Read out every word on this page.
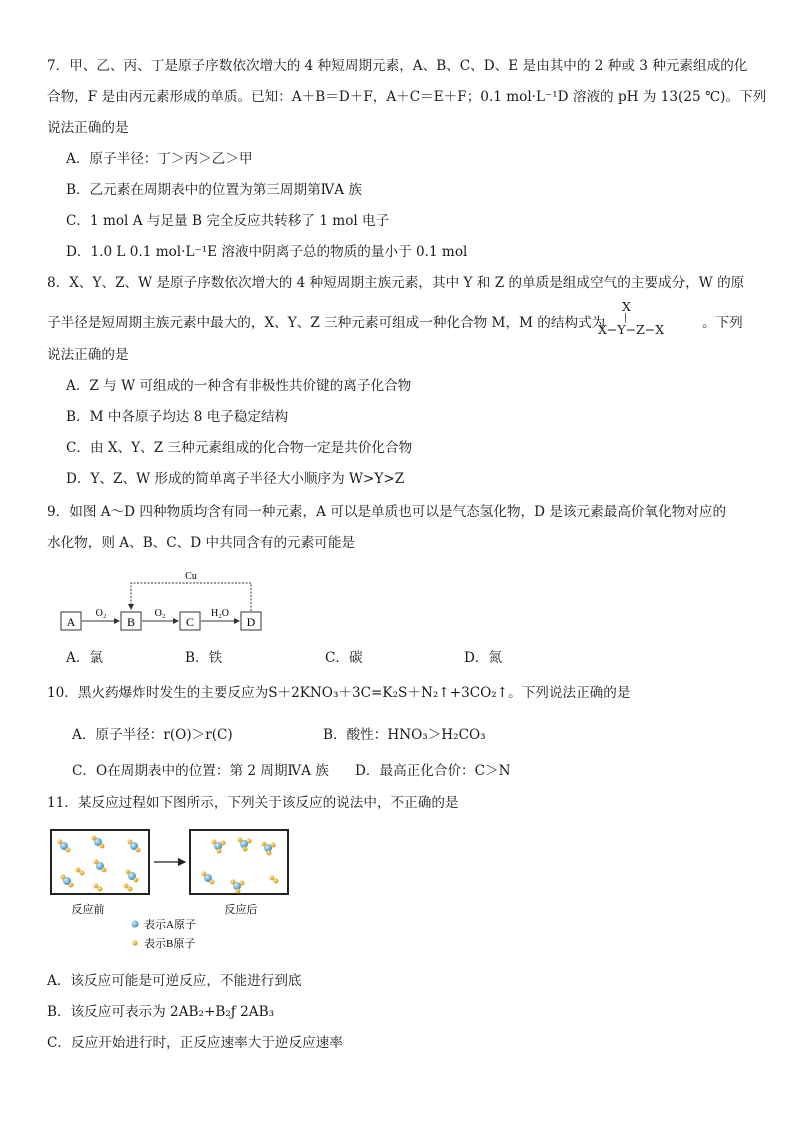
7．甲、乙、丙、丁是原子序数依次增大的 4 种短周期元素，A、B、C、D、E 是由其中的 2 种或 3 种元素组成的化
合物，F 是由丙元素形成的单质。已知：A＋B＝D＋F，A＋C＝E＋F；0.1 mol·L⁻¹D 溶液的 pH 为 13(25 ℃)。下列
说法正确的是
A．原子半径：丁＞丙＞乙＞甲
B．乙元素在周期表中的位置为第三周期第ⅣA 族
C．1 mol A 与足量 B 完全反应共转移了 1 mol 电子
D．1.0 L 0.1 mol·L⁻¹E 溶液中阴离子总的物质的量小于 0.1 mol
8．X、Y、Z、W 是原子序数依次增大的 4 种短周期主族元素，其中 Y 和 Z 的单质是组成空气的主要成分，W 的原
子半径是短周期主族元素中最大的，X、Y、Z 三种元素可组成一种化合物 M，M 的结构式为
X
|
X−Y−Z−X	。下列
说法正确的是
A．Z 与 W 可组成的一种含有非极性共价键的离子化合物
B．M 中各原子均达 8 电子稳定结构
C．由 X、Y、Z 三种元素组成的化合物一定是共价化合物
D．Y、Z、W 形成的简单离子半径大小顺序为 W>Y>Z
9．如图 A～D 四种物质均含有同一种元素，A 可以是单质也可以是气态氢化物，D 是该元素最高价氧化物对应的
水化物，则 A、B、C、D 中共同含有的元素可能是
A	B	C	D
O₂	O₂	H₂O
Cu
A．氯	B．铁	C．碳	D．氮
10．黑火药爆炸时发生的主要反应为S＋2KNO₃＋3C=K₂S＋N₂↑+3CO₂↑。下列说法正确的是
A．原子半径：r(O)＞r(C)	B．酸性：HNO₃＞H₂CO₃
C．O在周期表中的位置：第 2 周期ⅣA 族 D．最高正化合价：C＞N
11．某反应过程如下图所示，下列关于该反应的说法中，不正确的是
反应前	反应后
表示A原子
表示B原子
A．该反应可能是可逆反应，不能进行到底
B．该反应可表示为 2AB₂+B₂ƒ 2AB₃
C．反应开始进行时，正反应速率大于逆反应速率
